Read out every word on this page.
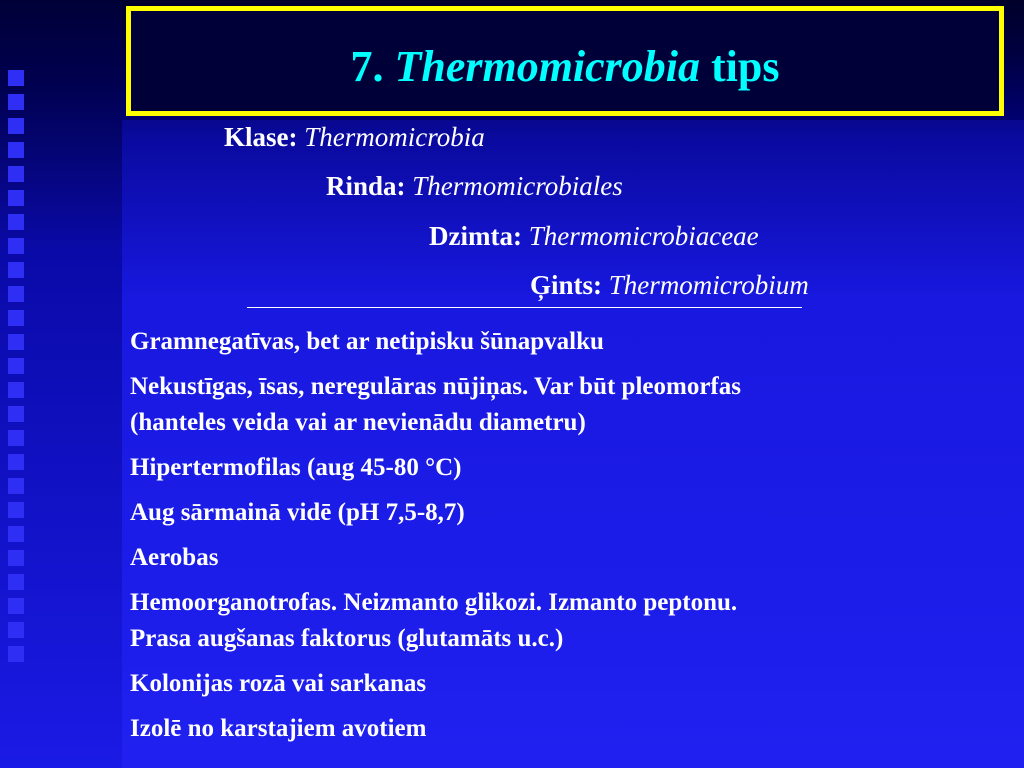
7. Thermomicrobia tips
Klase: Thermomicrobia
Rinda: Thermomicrobiales
Dzimta: Thermomicrobiaceae
Ģints: Thermomicrobium
Gramnegatīvas, bet ar netipisku šūnapvalku
Nekustīgas, īsas, neregulāras nūjiņas. Var būt pleomorfas
(hanteles veida vai ar nevienādu diametru)
Hipertermofilas (aug 45-80 °C)
Aug sārmainā vidē (pH 7,5-8,7)
Aerobas
Hemoorganotrofas. Neizmanto glikozi. Izmanto peptonu.
Prasa augšanas faktorus (glutamāts u.c.)
Kolonijas rozā vai sarkanas
Izolē no karstajiem avotiem
